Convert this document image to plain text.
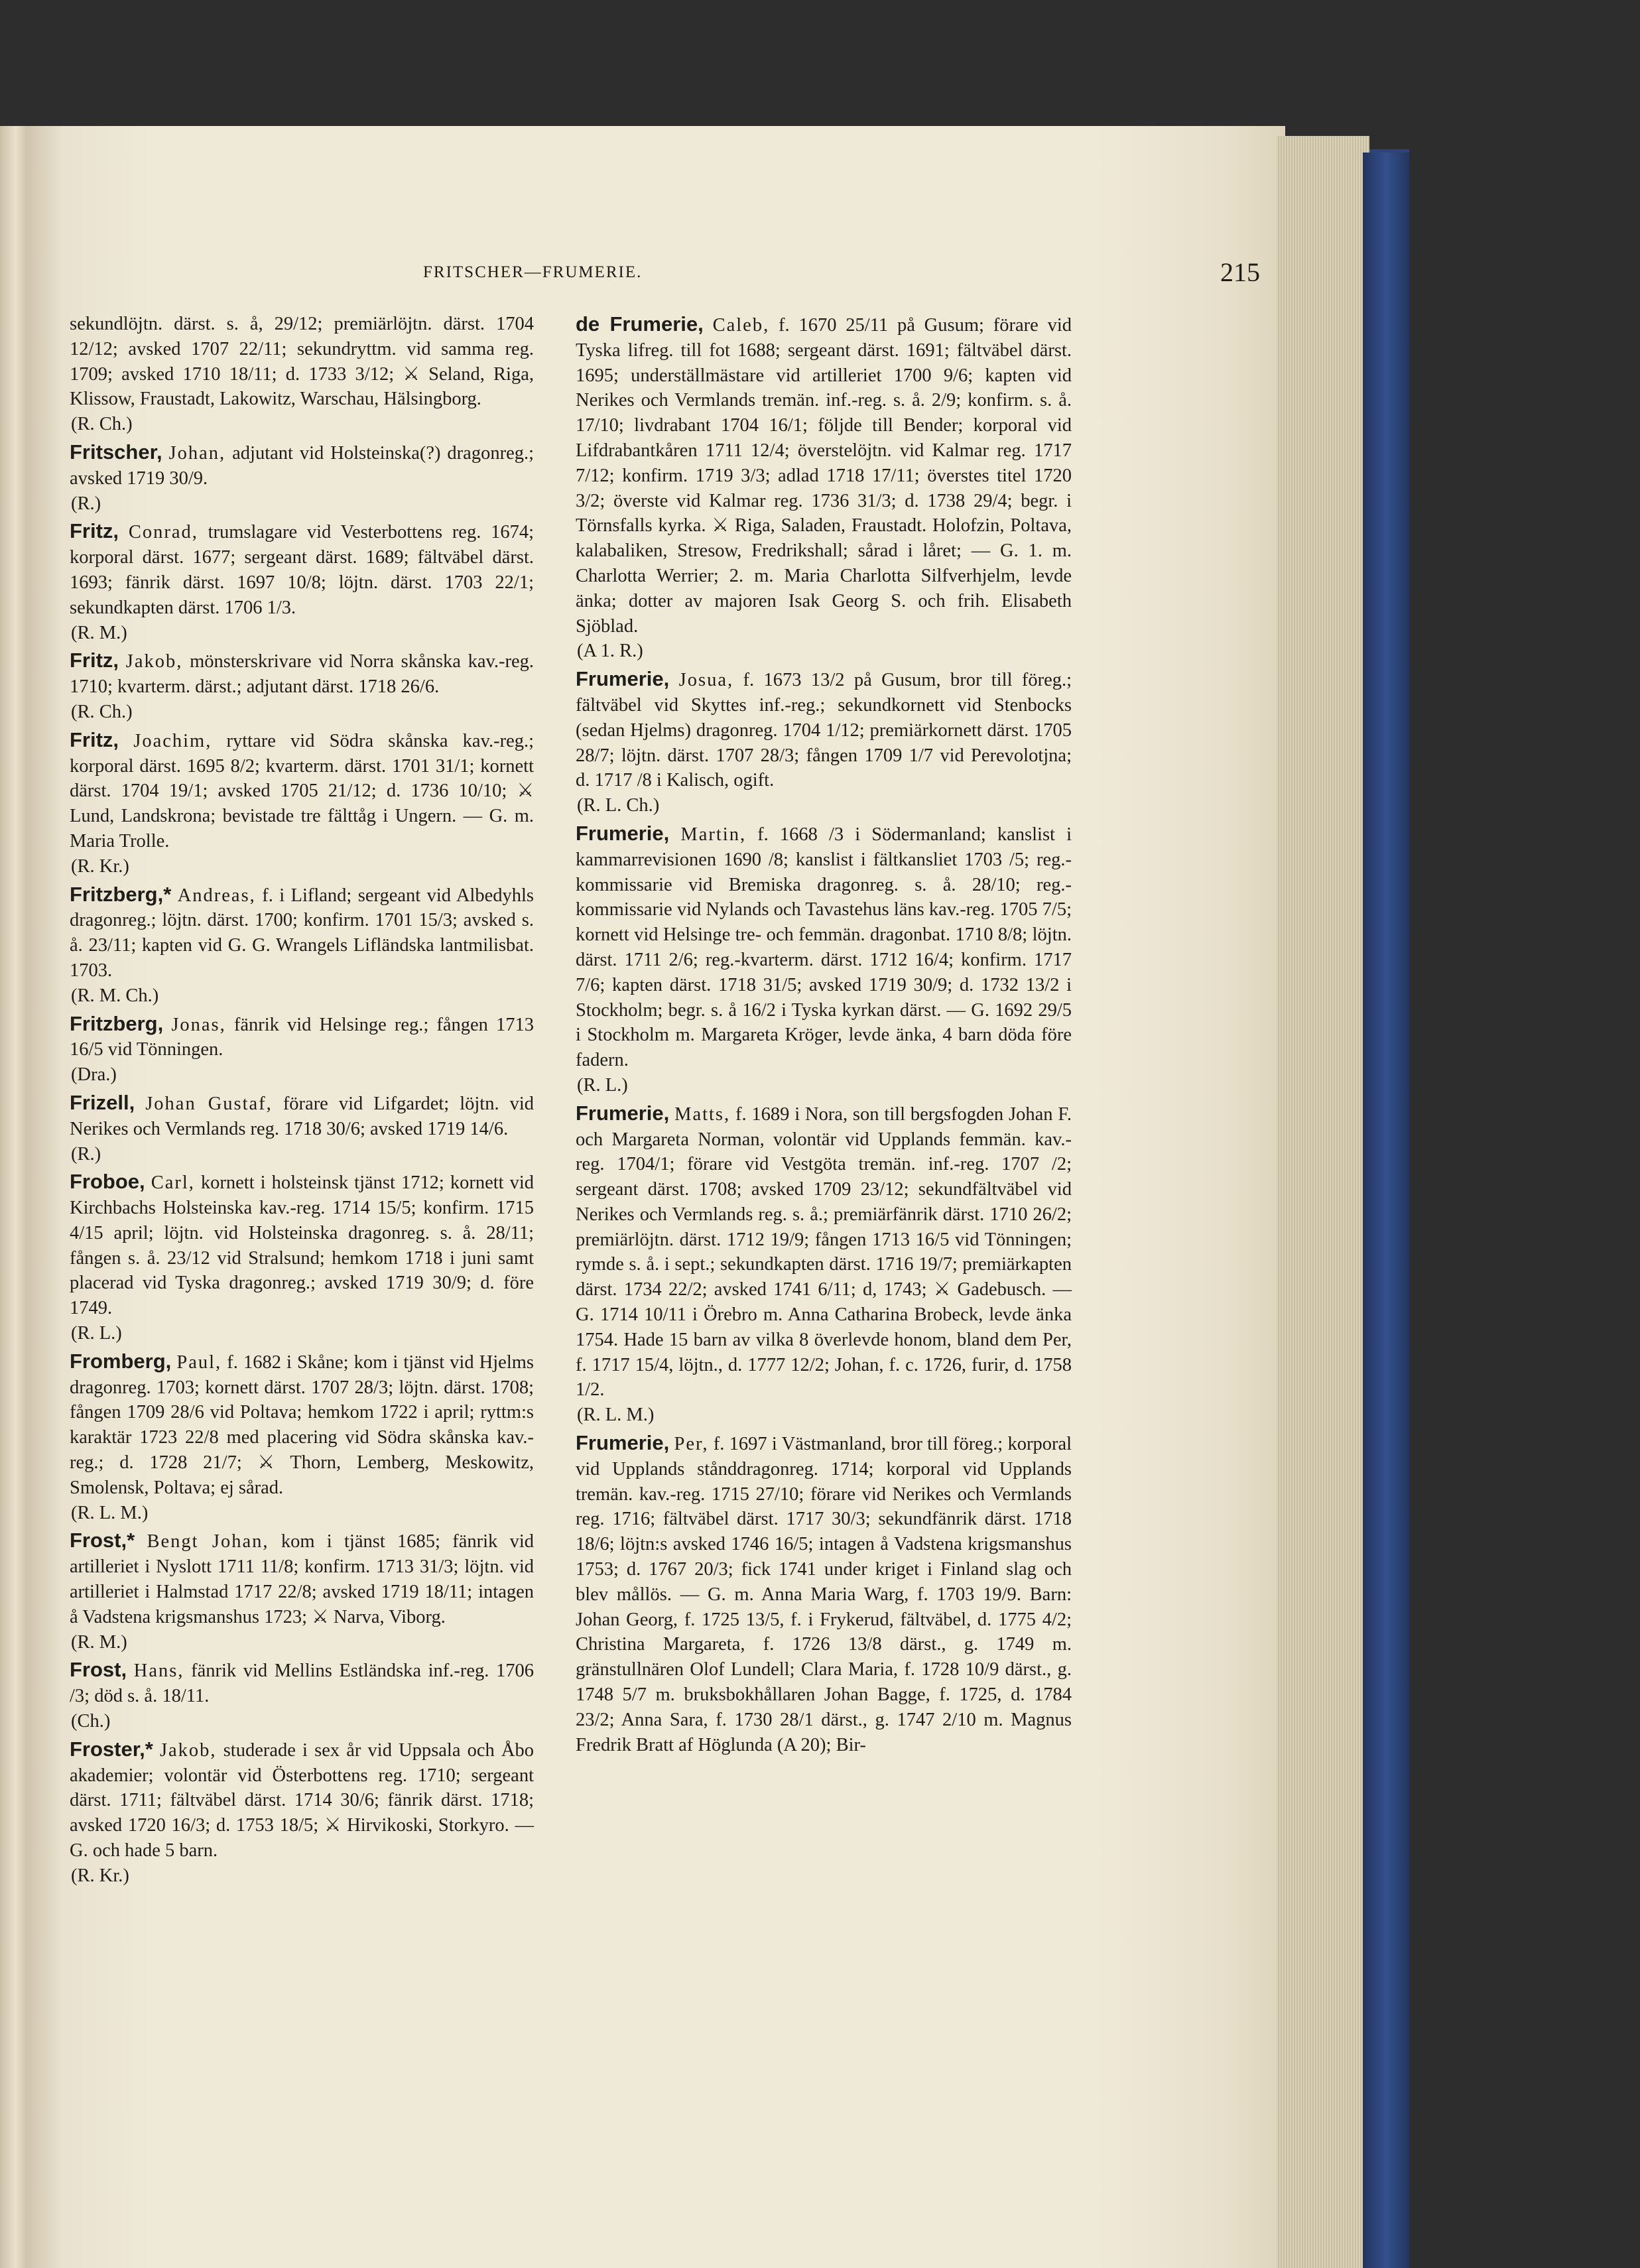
FRITSCHER—FRUMERIE.	215
sekundlöjtn. därst. s. å, 29/12; premiärlöjtn. därst. 1704 12/12; avsked 1707 22/11; sekundryttm. vid samma reg. 1709; avsked 1710 18/11; d. 1733 3/12; ⚔ Seland, Riga, Klissow, Fraustadt, Lakowitz, Warschau, Hälsingborg.
(R. Ch.)
Fritscher, Johan, adjutant vid Holsteinska(?) dragonreg.; avsked 1719 30/9.
(R.)
Fritz, Conrad, trumslagare vid Vesterbottens reg. 1674; korporal därst. 1677; sergeant därst. 1689; fältväbel därst. 1693; fänrik därst. 1697 10/8; löjtn. därst. 1703 22/1; sekundkapten därst. 1706 1/3.
(R. M.)
Fritz, Jakob, mönsterskrivare vid Norra skånska kav.-reg. 1710; kvarterm. därst.; adjutant därst. 1718 26/6.
(R. Ch.)
Fritz, Joachim, ryttare vid Södra skånska kav.-reg.; korporal därst. 1695 8/2; kvarterm. därst. 1701 31/1; kornett därst. 1704 19/1; avsked 1705 21/12; d. 1736 10/10; ⚔ Lund, Landskrona; bevistade tre fälttåg i Ungern. — G. m. Maria Trolle.
(R. Kr.)
Fritzberg,* Andreas, f. i Lifland; sergeant vid Albedyhls dragonreg.; löjtn. därst. 1700; konfirm. 1701 15/3; avsked s. å. 23/11; kapten vid G. G. Wrangels Lifländska lantmilisbat. 1703.
(R. M. Ch.)
Fritzberg, Jonas, fänrik vid Helsinge reg.; fången 1713 16/5 vid Tönningen.
(Dra.)
Frizell, Johan Gustaf, förare vid Lifgardet; löjtn. vid Nerikes och Vermlands reg. 1718 30/6; avsked 1719 14/6.
(R.)
Froboe, Carl, kornett i holsteinsk tjänst 1712; kornett vid Kirchbachs Holsteinska kav.-reg. 1714 15/5; konfirm. 1715 4/15 april; löjtn. vid Holsteinska dragonreg. s. å. 28/11; fången s. å. 23/12 vid Stralsund; hemkom 1718 i juni samt placerad vid Tyska dragonreg.; avsked 1719 30/9; d. före 1749.
(R. L.)
Fromberg, Paul, f. 1682 i Skåne; kom i tjänst vid Hjelms dragonreg. 1703; kornett därst. 1707 28/3; löjtn. därst. 1708; fången 1709 28/6 vid Poltava; hemkom 1722 i april; ryttm:s karaktär 1723 22/8 med placering vid Södra skånska kav.-reg.; d. 1728 21/7; ⚔ Thorn, Lemberg, Meskowitz, Smolensk, Poltava; ej sårad.
(R. L. M.)
Frost,* Bengt Johan, kom i tjänst 1685; fänrik vid artilleriet i Nyslott 1711 11/8; konfirm. 1713 31/3; löjtn. vid artilleriet i Halmstad 1717 22/8; avsked 1719 18/11; intagen å Vadstena krigsmanshus 1723; ⚔ Narva, Viborg.
(R. M.)
Frost, Hans, fänrik vid Mellins Estländska inf.-reg. 1706 /3; död s. å. 18/11.
(Ch.)
Froster,* Jakob, studerade i sex år vid Uppsala och Åbo akademier; volontär vid Österbottens reg. 1710; sergeant därst. 1711; fältväbel därst. 1714 30/6; fänrik därst. 1718; avsked 1720 16/3; d. 1753 18/5; ⚔ Hirvikoski, Storkyro. — G. och hade 5 barn.
(R. Kr.)
de Frumerie, Caleb, f. 1670 25/11 på Gusum; förare vid Tyska lifreg. till fot 1688; sergeant därst. 1691; fältväbel därst. 1695; underställmästare vid artilleriet 1700 9/6; kapten vid Nerikes och Vermlands tremän. inf.-reg. s. å. 2/9; konfirm. s. å. 17/10; livdrabant 1704 16/1; följde till Bender; korporal vid Lifdrabantkåren 1711 12/4; överstelöjtn. vid Kalmar reg. 1717 7/12; konfirm. 1719 3/3; adlad 1718 17/11; överstes titel 1720 3/2; överste vid Kalmar reg. 1736 31/3; d. 1738 29/4; begr. i Törnsfalls kyrka. ⚔ Riga, Saladen, Fraustadt. Holofzin, Poltava, kalabaliken, Stresow, Fredrikshall; sårad i låret; — G. 1. m. Charlotta Werrier; 2. m. Maria Charlotta Silfverhjelm, levde änka; dotter av majoren Isak Georg S. och frih. Elisabeth Sjöblad.
(A 1. R.)
Frumerie, Josua, f. 1673 13/2 på Gusum, bror till föreg.; fältväbel vid Skyttes inf.-reg.; sekundkornett vid Stenbocks (sedan Hjelms) dragonreg. 1704 1/12; premiärkornett därst. 1705 28/7; löjtn. därst. 1707 28/3; fången 1709 1/7 vid Perevolotjna; d. 1717 /8 i Kalisch, ogift.
(R. L. Ch.)
Frumerie, Martin, f. 1668 /3 i Södermanland; kanslist i kammarrevisionen 1690 /8; kanslist i fältkansliet 1703 /5; reg.-kommissarie vid Bremiska dragonreg. s. å. 28/10; reg.-kommissarie vid Nylands och Tavastehus läns kav.-reg. 1705 7/5; kornett vid Helsinge tre- och femmän. dragonbat. 1710 8/8; löjtn. därst. 1711 2/6; reg.-kvarterm. därst. 1712 16/4; konfirm. 1717 7/6; kapten därst. 1718 31/5; avsked 1719 30/9; d. 1732 13/2 i Stockholm; begr. s. å 16/2 i Tyska kyrkan därst. — G. 1692 29/5 i Stockholm m. Margareta Kröger, levde änka, 4 barn döda före fadern.
(R. L.)
Frumerie, Matts, f. 1689 i Nora, son till bergsfogden Johan F. och Margareta Norman, volontär vid Upplands femmän. kav.-reg. 1704/1; förare vid Vestgöta tremän. inf.-reg. 1707 /2; sergeant därst. 1708; avsked 1709 23/12; sekundfältväbel vid Nerikes och Vermlands reg. s. å.; premiärfänrik därst. 1710 26/2; premiärlöjtn. därst. 1712 19/9; fången 1713 16/5 vid Tönningen; rymde s. å. i sept.; sekundkapten därst. 1716 19/7; premiärkapten därst. 1734 22/2; avsked 1741 6/11; d, 1743; ⚔ Gadebusch. — G. 1714 10/11 i Örebro m. Anna Catharina Brobeck, levde änka 1754. Hade 15 barn av vilka 8 överlevde honom, bland dem Per, f. 1717 15/4, löjtn., d. 1777 12/2; Johan, f. c. 1726, furir, d. 1758 1/2.
(R. L. M.)
Frumerie, Per, f. 1697 i Västmanland, bror till föreg.; korporal vid Upplands stånddragonreg. 1714; korporal vid Upplands tremän. kav.-reg. 1715 27/10; förare vid Nerikes och Vermlands reg. 1716; fältväbel därst. 1717 30/3; sekundfänrik därst. 1718 18/6; löjtn:s avsked 1746 16/5; intagen å Vadstena krigsmanshus 1753; d. 1767 20/3; fick 1741 under kriget i Finland slag och blev mållös. — G. m. Anna Maria Warg, f. 1703 19/9. Barn: Johan Georg, f. 1725 13/5, f. i Frykerud, fältväbel, d. 1775 4/2; Christina Margareta, f. 1726 13/8 därst., g. 1749 m. gränstullnären Olof Lundell; Clara Maria, f. 1728 10/9 därst., g. 1748 5/7 m. bruksbokhållaren Johan Bagge, f. 1725, d. 1784 23/2; Anna Sara, f. 1730 28/1 därst., g. 1747 2/10 m. Magnus Fredrik Bratt af Höglunda (A 20); Bir-
